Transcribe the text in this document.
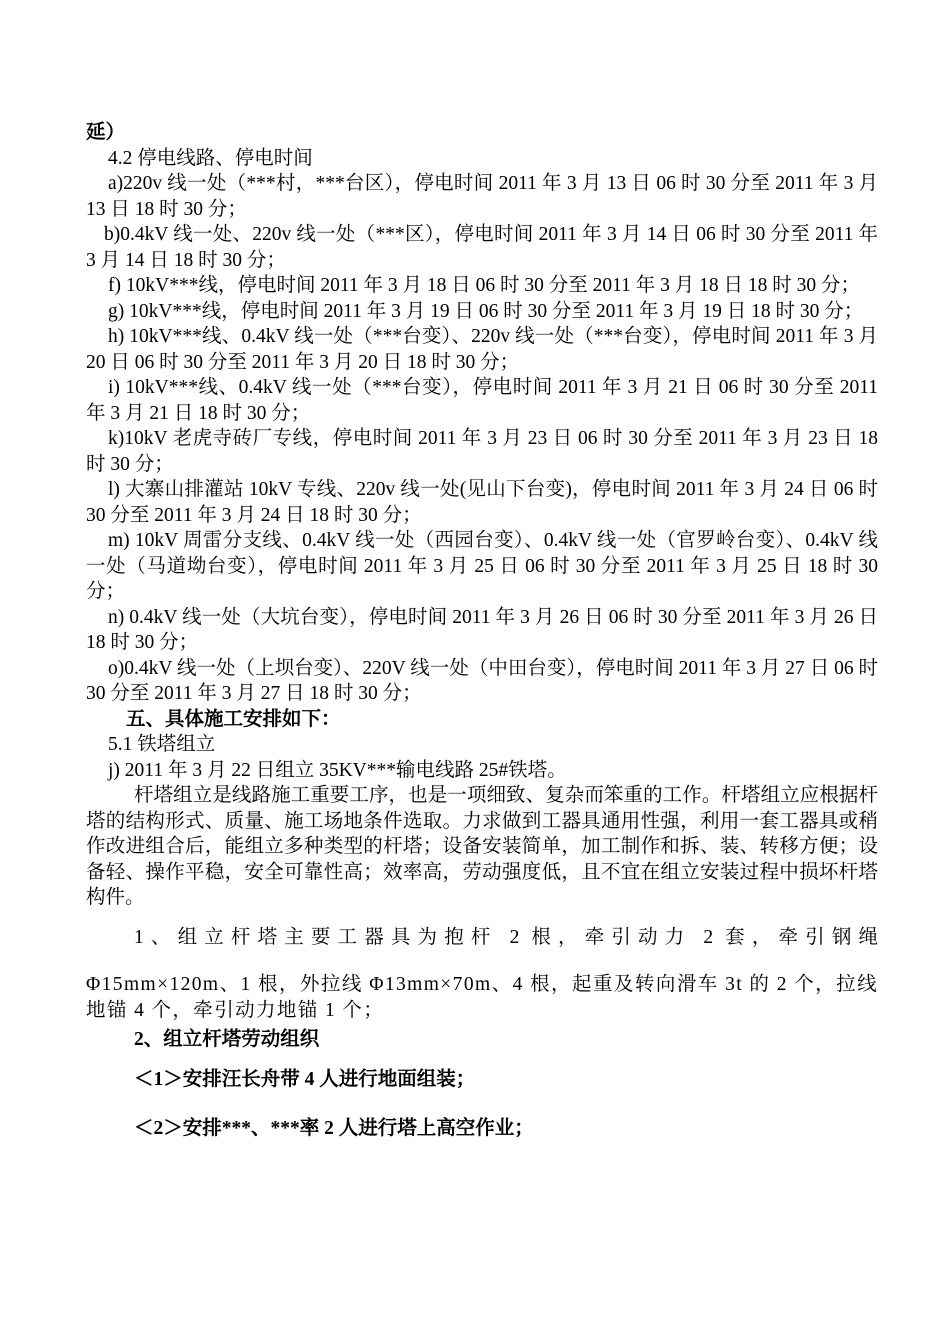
延）

4.2 停电线路、停电时间

a)220v 线一处（***村，***台区），停电时间 2011 年 3 月 13 日 06 时 30 分至 2011 年 3 月 13 日 18 时 30 分；

b)0.4kV 线一处、220v 线一处（***区），停电时间 2011 年 3 月 14 日 06 时 30 分至 2011 年 3 月 14 日 18 时 30 分；

f) 10kV***线，停电时间 2011 年 3 月 18 日 06 时 30 分至 2011 年 3 月 18 日 18 时 30 分；

g) 10kV***线，停电时间 2011 年 3 月 19 日 06 时 30 分至 2011 年 3 月 19 日 18 时 30 分；

h) 10kV***线、0.4kV 线一处（***台变）、220v 线一处（***台变），停电时间 2011 年 3 月 20 日 06 时 30 分至 2011 年 3 月 20 日 18 时 30 分；

i) 10kV***线、0.4kV 线一处（***台变），停电时间 2011 年 3 月 21 日 06 时 30 分至 2011 年 3 月 21 日 18 时 30 分；

k)10kV 老虎寺砖厂专线，停电时间 2011 年 3 月 23 日 06 时 30 分至 2011 年 3 月 23 日 18 时 30 分；

l) 大寨山排灌站 10kV 专线、220v 线一处(见山下台变)，停电时间 2011 年 3 月 24 日 06 时 30 分至 2011 年 3 月 24 日 18 时 30 分；

m) 10kV 周雷分支线、0.4kV 线一处（西园台变）、0.4kV 线一处（官罗岭台变）、0.4kV 线一处（马道坳台变），停电时间 2011 年 3 月 25 日 06 时 30 分至 2011 年 3 月 25 日 18 时 30 分；

n) 0.4kV 线一处（大坑台变），停电时间 2011 年 3 月 26 日 06 时 30 分至 2011 年 3 月 26 日 18 时 30 分；

o)0.4kV 线一处（上坝台变）、220V 线一处（中田台变），停电时间 2011 年 3 月 27 日 06 时 30 分至 2011 年 3 月 27 日 18 时 30 分；

五、具体施工安排如下：

5.1 铁塔组立

j) 2011 年 3 月 22 日组立 35KV***输电线路 25#铁塔。

杆塔组立是线路施工重要工序，也是一项细致、复杂而笨重的工作。杆塔组立应根据杆塔的结构形式、质量、施工场地条件选取。力求做到工器具通用性强，利用一套工器具或稍作改进组合后，能组立多种类型的杆塔；设备安装简单，加工制作和拆、装、转移方便；设备轻、操作平稳，安全可靠性高；效率高，劳动强度低，且不宜在组立安装过程中损坏杆塔构件。

1、组立杆塔主要工器具为抱杆 2 根，牵引动力 2 套，牵引钢绳

Φ15mm×120m、1 根，外拉线 Φ13mm×70m、4 根，起重及转向滑车 3t 的 2 个，拉线地锚 4 个，牵引动力地锚 1 个；

2、组立杆塔劳动组织

＜1＞安排汪长舟带 4 人进行地面组装；

＜2＞安排***、***率 2 人进行塔上高空作业；
